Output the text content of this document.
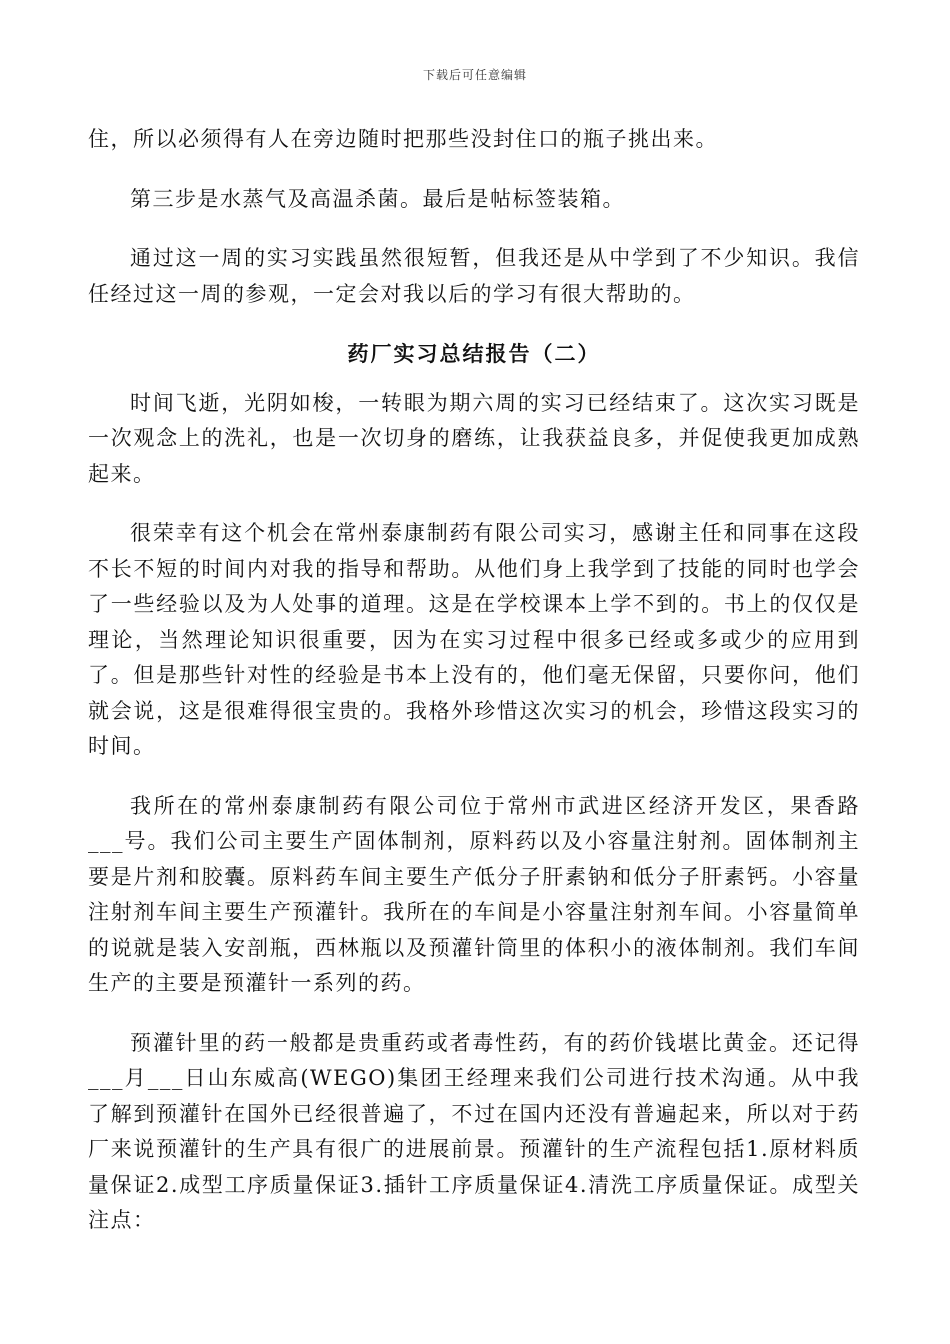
下载后可任意编辑

住，所以必须得有人在旁边随时把那些没封住口的瓶子挑出来。

第三步是水蒸气及高温杀菌。最后是帖标签装箱。

通过这一周的实习实践虽然很短暂，但我还是从中学到了不少知识。我信任经过这一周的参观，一定会对我以后的学习有很大帮助的。

药厂实习总结报告（二）

时间飞逝，光阴如梭，一转眼为期六周的实习已经结束了。这次实习既是一次观念上的洗礼，也是一次切身的磨练，让我获益良多，并促使我更加成熟起来。

很荣幸有这个机会在常州泰康制药有限公司实习，感谢主任和同事在这段不长不短的时间内对我的指导和帮助。从他们身上我学到了技能的同时也学会了一些经验以及为人处事的道理。这是在学校课本上学不到的。书上的仅仅是理论，当然理论知识很重要，因为在实习过程中很多已经或多或少的应用到了。但是那些针对性的经验是书本上没有的，他们毫无保留，只要你问，他们就会说，这是很难得很宝贵的。我格外珍惜这次实习的机会，珍惜这段实习的时间。

我所在的常州泰康制药有限公司位于常州市武进区经济开发区，果香路___号。我们公司主要生产固体制剂，原料药以及小容量注射剂。固体制剂主要是片剂和胶囊。原料药车间主要生产低分子肝素钠和低分子肝素钙。小容量注射剂车间主要生产预灌针。我所在的车间是小容量注射剂车间。小容量简单的说就是装入安剖瓶，西林瓶以及预灌针筒里的体积小的液体制剂。我们车间生产的主要是预灌针一系列的药。

预灌针里的药一般都是贵重药或者毒性药，有的药价钱堪比黄金。还记得___月___日山东威高(WEGO)集团王经理来我们公司进行技术沟通。从中我了解到预灌针在国外已经很普遍了，不过在国内还没有普遍起来，所以对于药厂来说预灌针的生产具有很广的进展前景。预灌针的生产流程包括1.原材料质量保证2.成型工序质量保证3.插针工序质量保证4.清洗工序质量保证。成型关注点：
